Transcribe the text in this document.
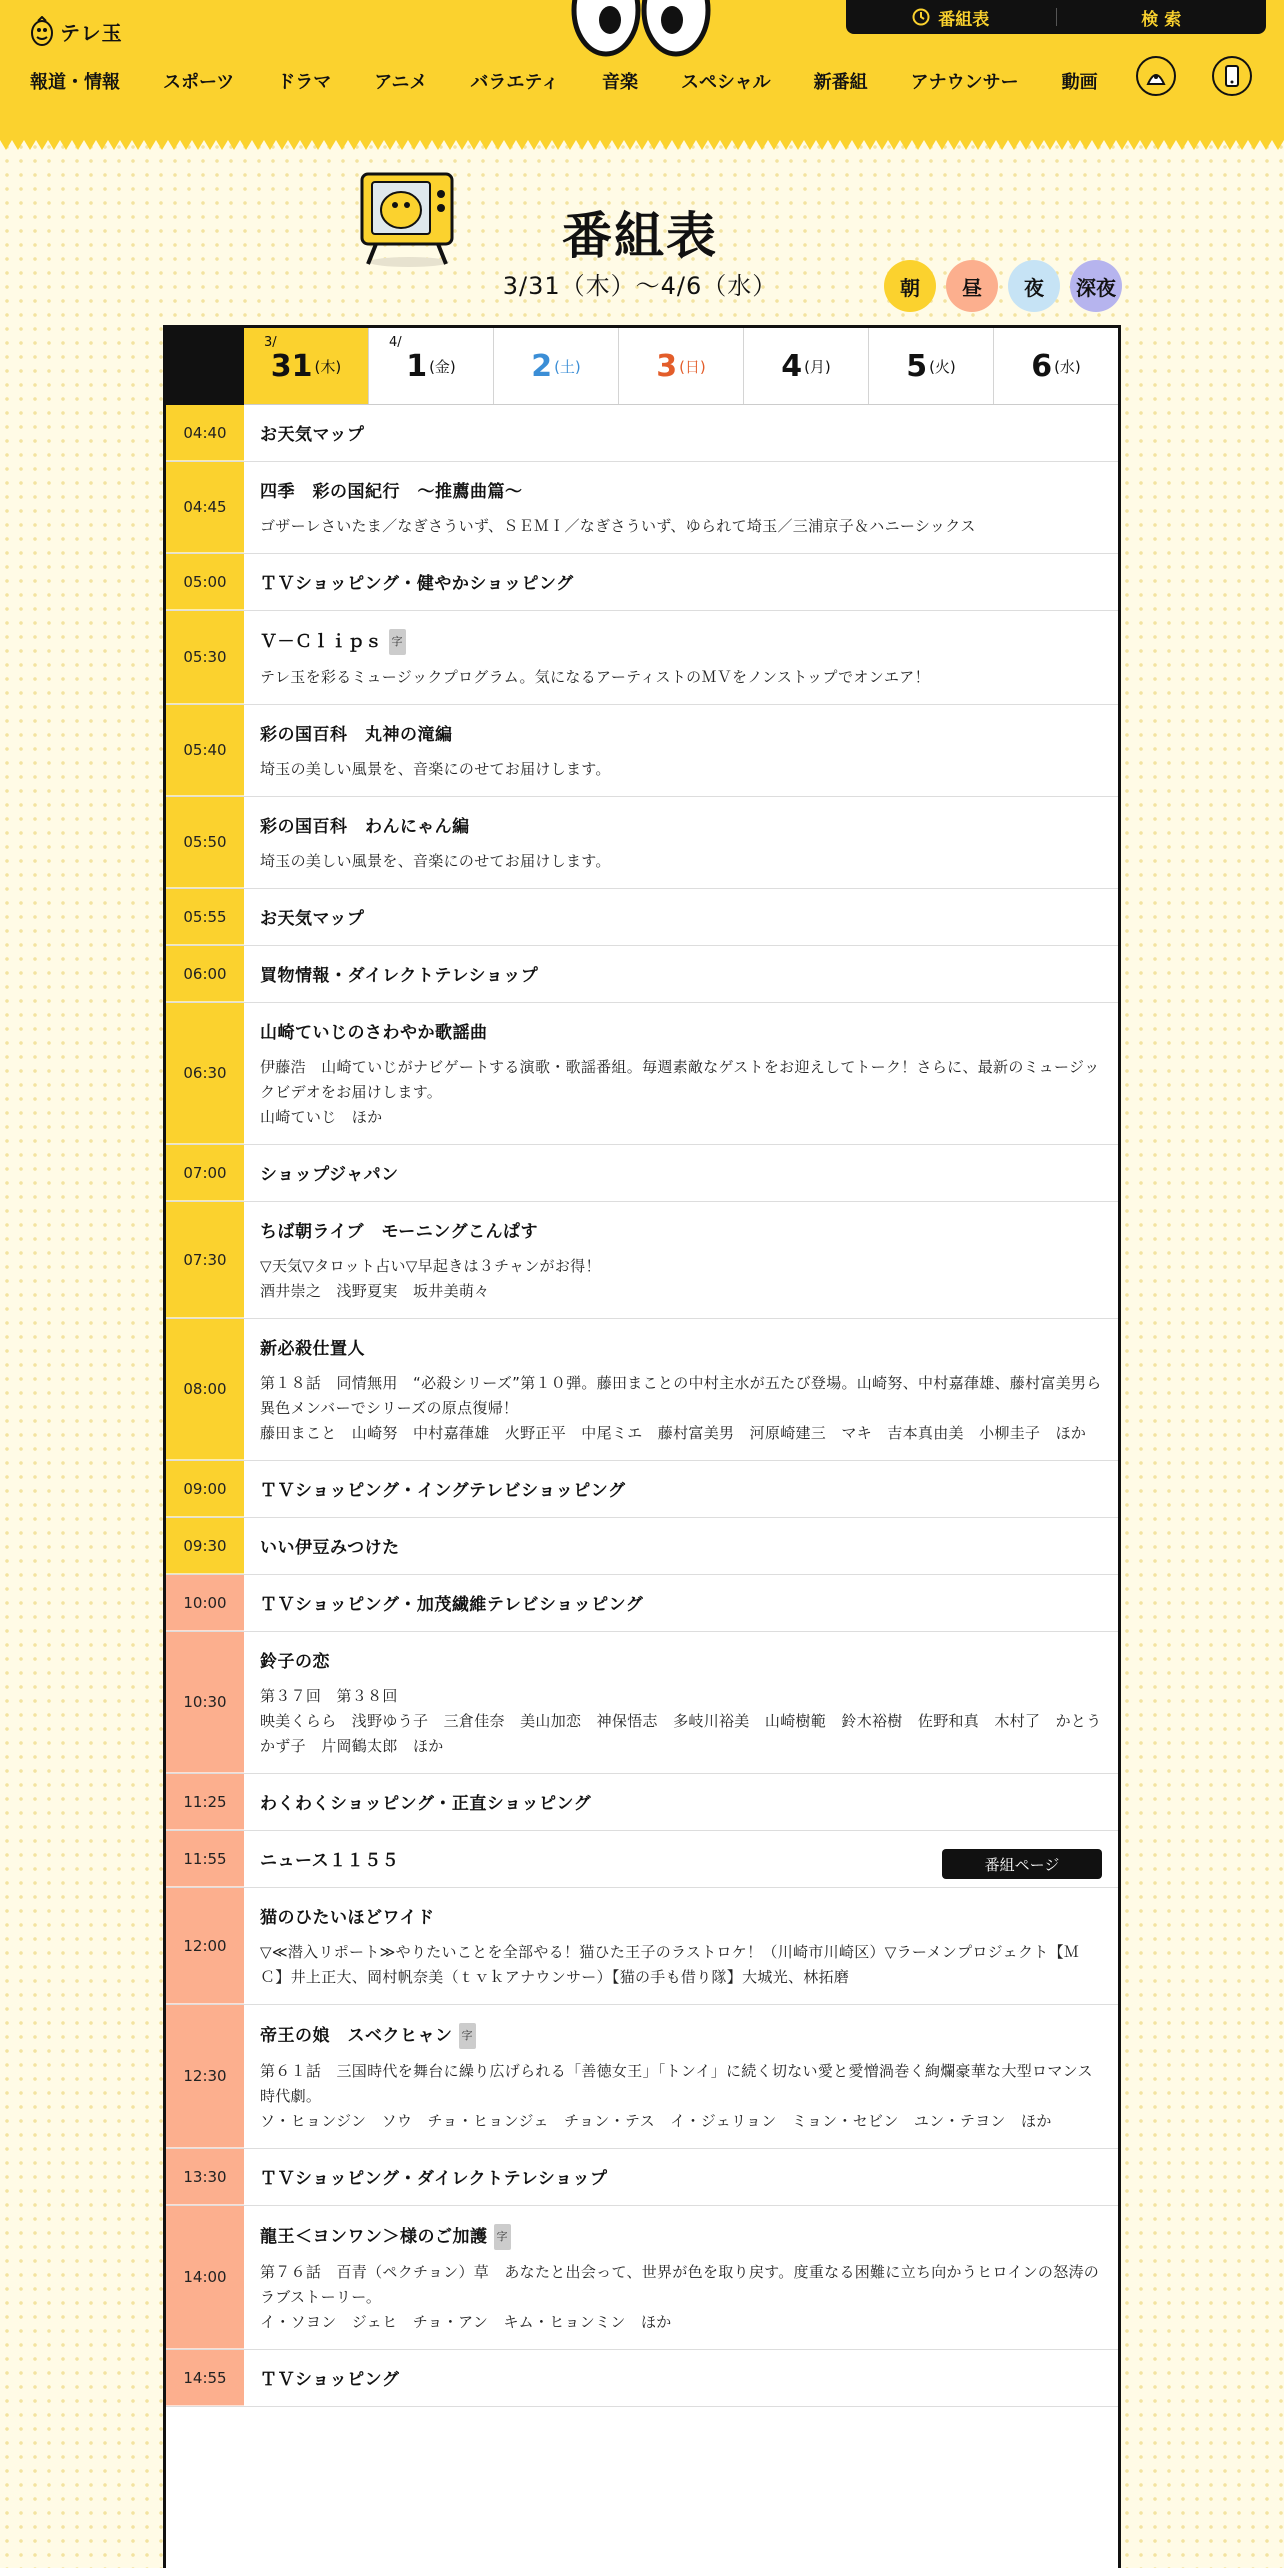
テレ玉
番組表	検 索
報道・情報 スポーツ ドラマ アニメ バラエティ 音楽 スペシャル 新番組 アナウンサー 動画
番組表
3/31（木）〜4/6（水）	朝 昼 夜 深夜
3/
31 (木)
4/
1 (金)	2 (土)	3 (日)	4 (月)	5 (火)	6 (水)
04:40	お天気マップ
04:45
四季　彩の国紀行　～推薦曲篇～
ゴザーレさいたま／なぎさういず、ＳＥＭＩ／なぎさういず、ゆられて埼玉／三浦京子＆ハニーシックス
05:00	ＴＶショッピング・健やかショッピング
05:30
Ｖ－Ｃｌｉｐｓ 字
テレ玉を彩るミュージックプログラム。気になるアーティストのＭＶをノンストップでオンエア！
05:40
彩の国百科　丸神の滝編
埼玉の美しい風景を、音楽にのせてお届けします。
05:50
彩の国百科　わんにゃん編
埼玉の美しい風景を、音楽にのせてお届けします。
05:55	お天気マップ
06:00	買物情報・ダイレクトテレショップ
06:30
山崎ていじのさわやか歌謡曲
伊藤浩　山崎ていじがナビゲートする演歌・歌謡番組。毎週素敵なゲストをお迎えしてトーク！さらに、最新のミュージックビデオをお届けします。
山崎ていじ　ほか
07:00	ショップジャパン
07:30
ちば朝ライブ　モーニングこんぱす
▽天気▽タロット占い▽早起きは３チャンがお得！
酒井崇之　浅野夏実　坂井美萌々
08:00
新必殺仕置人
第１８話　同情無用　“必殺シリーズ”第１０弾。藤田まことの中村主水が五たび登場。山崎努、中村嘉葎雄、藤村富美男ら異色メンバーでシリーズの原点復帰！
藤田まこと　山崎努　中村嘉葎雄　火野正平　中尾ミエ　藤村富美男　河原崎建三　マキ　吉本真由美　小柳圭子　ほか
09:00	ＴＶショッピング・イングテレビショッピング
09:30	いい伊豆みつけた
10:00	ＴＶショッピング・加茂繊維テレビショッピング
10:30
鈴子の恋
第３７回　第３８回
映美くらら　浅野ゆう子　三倉佳奈　美山加恋　神保悟志　多岐川裕美　山崎樹範　鈴木裕樹　佐野和真　木村了　かとうかず子　片岡鶴太郎　ほか
11:25	わくわくショッピング・正直ショッピング
11:55	ニュース１１５５	番組ページ
12:00
猫のひたいほどワイド
▽≪潜入リポート≫やりたいことを全部やる！猫ひた王子のラストロケ！（川崎市川崎区）▽ラーメンプロジェクト【ＭＣ】井上正大、岡村帆奈美（ｔｖｋアナウンサー）【猫の手も借り隊】大城光、林拓磨
12:30
帝王の娘　スベクヒャン 字
第６１話　三国時代を舞台に繰り広げられる「善徳女王」「トンイ」に続く切ない愛と愛憎渦巻く絢爛豪華な大型ロマンス時代劇。
ソ・ヒョンジン　ソウ　チョ・ヒョンジェ　チョン・テス　イ・ジェリョン　ミョン・セビン　ユン・テヨン　ほか
13:30	ＴＶショッピング・ダイレクトテレショップ
14:00
龍王＜ヨンワン＞様のご加護 字
第７６話　百青（ペクチョン）草　あなたと出会って、世界が色を取り戻す。度重なる困難に立ち向かうヒロインの怒涛のラブストーリー。
イ・ソヨン　ジェヒ　チョ・アン　キム・ヒョンミン　ほか
14:55	ＴＶショッピング
